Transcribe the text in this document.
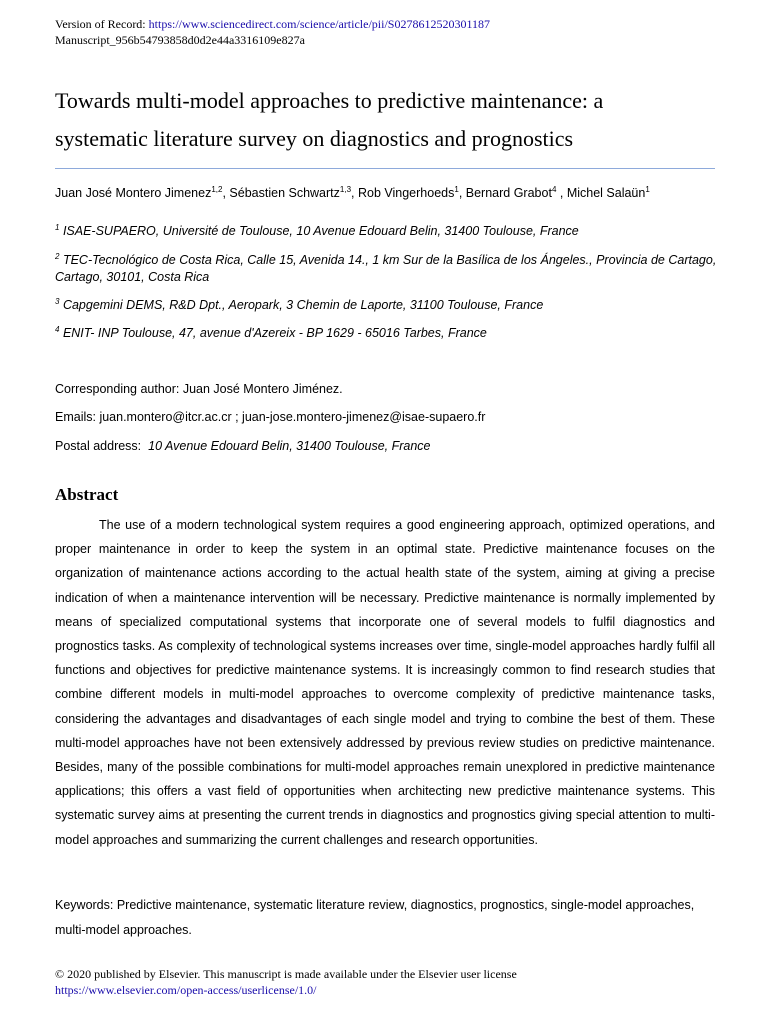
Version of Record: https://www.sciencedirect.com/science/article/pii/S0278612520301187
Manuscript_956b54793858d0d2e44a3316109e827a
Towards multi-model approaches to predictive maintenance: a
systematic literature survey on diagnostics and prognostics
Juan José Montero Jimenez$^{1,2}$, Sébastien Schwartz$^{1,3}$, Rob Vingerhoeds$^1$, Bernard Grabot$^4$ , Michel Salaün$^1$
$^1$ ISAE-SUPAERO, Université de Toulouse, 10 Avenue Edouard Belin, 31400 Toulouse, France
$^2$ TEC-Tecnológico de Costa Rica, Calle 15, Avenida 14., 1 km Sur de la Basílica de los Ángeles., Provincia de Cartago, Cartago, 30101, Costa Rica
$^3$ Capgemini DEMS, R&D Dpt., Aeropark, 3 Chemin de Laporte, 31100 Toulouse, France
$^4$ ENIT- INP Toulouse, 47, avenue d'Azereix - BP 1629 - 65016 Tarbes, France
Corresponding author: Juan José Montero Jiménez.
Emails: juan.montero@itcr.ac.cr ; juan-jose.montero-jimenez@isae-supaero.fr
Postal address: 10 Avenue Edouard Belin, 31400 Toulouse, France
Abstract

The use of a modern technological system requires a good engineering approach, optimized operations, and proper maintenance in order to keep the system in an optimal state. Predictive maintenance focuses on the organization of maintenance actions according to the actual health state of the system, aiming at giving a precise indication of when a maintenance intervention will be necessary. Predictive maintenance is normally implemented by means of specialized computational systems that incorporate one of several models to fulfil diagnostics and prognostics tasks. As complexity of technological systems increases over time, single-model approaches hardly fulfil all functions and objectives for predictive maintenance systems. It is increasingly common to find research studies that combine different models in multi-model approaches to overcome complexity of predictive maintenance tasks, considering the advantages and disadvantages of each single model and trying to combine the best of them. These multi-model approaches have not been extensively addressed by previous review studies on predictive maintenance. Besides, many of the possible combinations for multi-model approaches remain unexplored in predictive maintenance applications; this offers a vast field of opportunities when architecting new predictive maintenance systems. This systematic survey aims at presenting the current trends in diagnostics and prognostics giving special attention to multi-model approaches and summarizing the current challenges and research opportunities.

Keywords: Predictive maintenance, systematic literature review, diagnostics, prognostics, single-model approaches, multi-model approaches.

© 2020 published by Elsevier. This manuscript is made available under the Elsevier user license
https://www.elsevier.com/open-access/userlicense/1.0/
